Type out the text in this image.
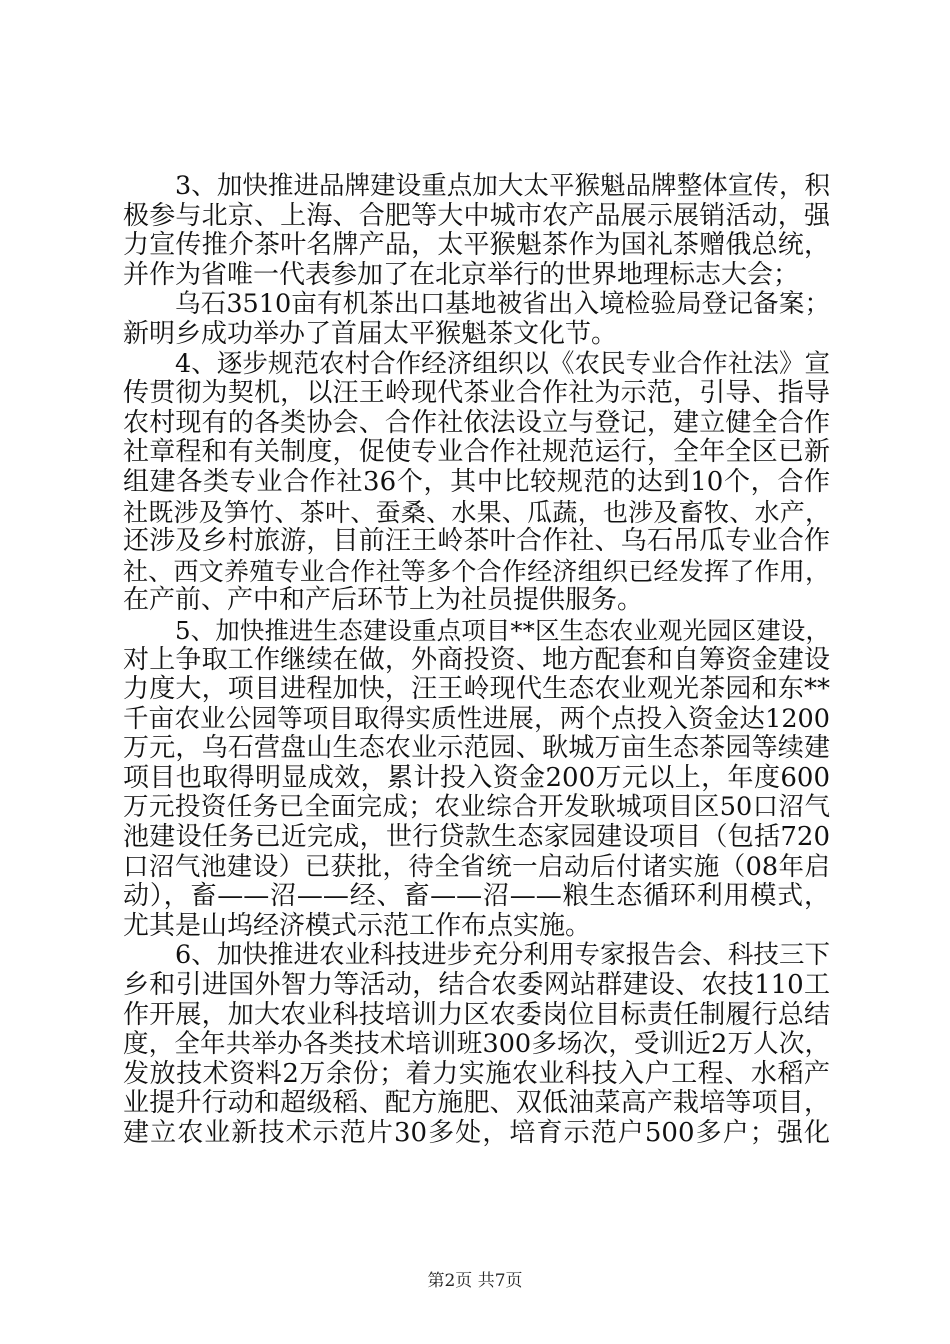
3、加快推进品牌建设重点加大太平猴魁品牌整体宣传，积
极参与北京、上海、合肥等大中城市农产品展示展销活动，强
力宣传推介茶叶名牌产品，太平猴魁茶作为国礼茶赠俄总统，
并作为省唯一代表参加了在北京举行的世界地理标志大会；
乌石3510亩有机茶出口基地被省出入境检验局登记备案；
新明乡成功举办了首届太平猴魁茶文化节。
4、逐步规范农村合作经济组织以《农民专业合作社法》宣
传贯彻为契机，以汪王岭现代茶业合作社为示范，引导、指导
农村现有的各类协会、合作社依法设立与登记，建立健全合作
社章程和有关制度，促使专业合作社规范运行，全年全区已新
组建各类专业合作社36个，其中比较规范的达到10个，合作
社既涉及笋竹、茶叶、蚕桑、水果、瓜蔬，也涉及畜牧、水产，
还涉及乡村旅游，目前汪王岭茶叶合作社、乌石吊瓜专业合作
社、西文养殖专业合作社等多个合作经济组织已经发挥了作用，
在产前、产中和产后环节上为社员提供服务。
5、加快推进生态建设重点项目**区生态农业观光园区建设，
对上争取工作继续在做，外商投资、地方配套和自筹资金建设
力度大，项目进程加快，汪王岭现代生态农业观光茶园和东**
千亩农业公园等项目取得实质性进展，两个点投入资金达1200
万元，乌石营盘山生态农业示范园、耿城万亩生态茶园等续建
项目也取得明显成效，累计投入资金200万元以上，年度600
万元投资任务已全面完成；农业综合开发耿城项目区50口沼气
池建设任务已近完成，世行贷款生态家园建设项目（包括720
口沼气池建设）已获批，待全省统一启动后付诸实施（08年启
动），畜——沼——经、畜——沼——粮生态循环利用模式，
尤其是山坞经济模式示范工作布点实施。
6、加快推进农业科技进步充分利用专家报告会、科技三下
乡和引进国外智力等活动，结合农委网站群建设、农技110工
作开展，加大农业科技培训力区农委岗位目标责任制履行总结
度，全年共举办各类技术培训班300多场次，受训近2万人次，
发放技术资料2万余份；着力实施农业科技入户工程、水稻产
业提升行动和超级稻、配方施肥、双低油菜高产栽培等项目，
建立农业新技术示范片30多处，培育示范户500多户；强化
第2页 共7页
